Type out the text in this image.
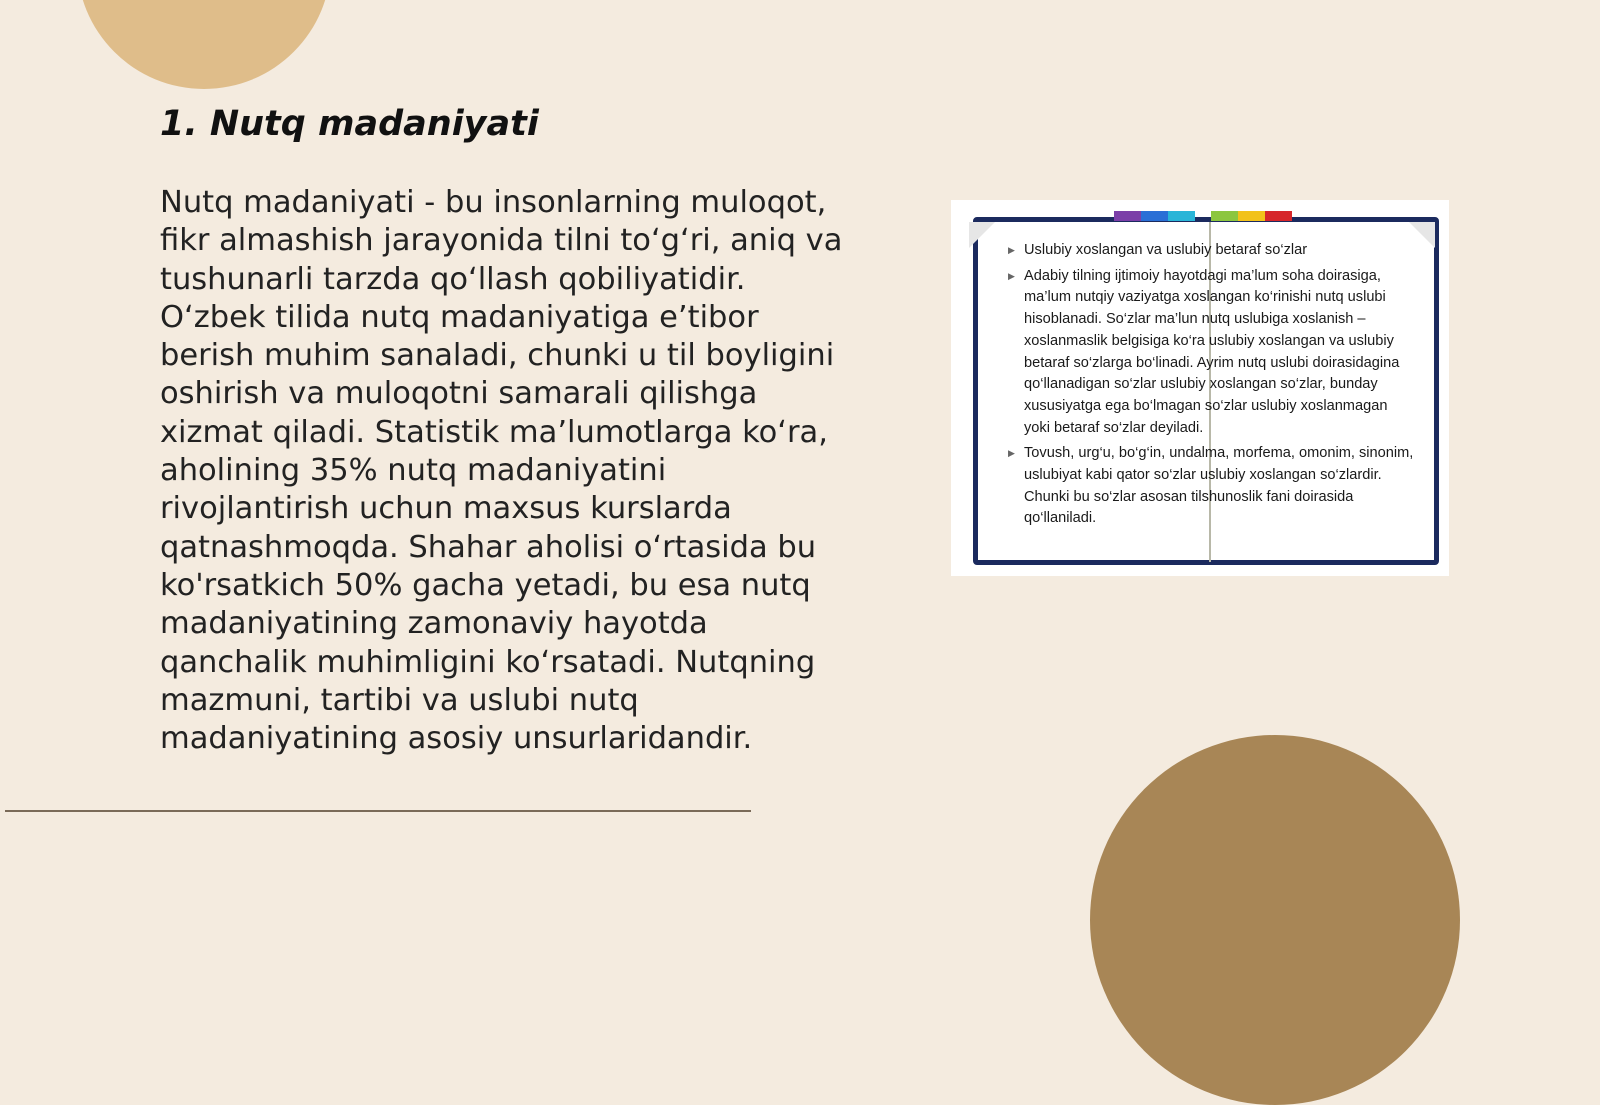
1. Nutq madaniyati

Nutq madaniyati - bu insonlarning muloqot, fikr almashish jarayonida tilni to‘g‘ri, aniq va tushunarli tarzda qo‘llash qobiliyatidir. O‘zbek tilida nutq madaniyatiga e’tibor berish muhim sanaladi, chunki u til boyligini oshirish va muloqotni samarali qilishga xizmat qiladi. Statistik ma’lumotlarga ko‘ra, aholining 35% nutq madaniyatini rivojlantirish uchun maxsus kurslarda qatnashmoqda. Shahar aholisi o‘rtasida bu ko'rsatkich 50% gacha yetadi, bu esa nutq madaniyatining zamonaviy hayotda qanchalik muhimligini ko‘rsatadi. Nutqning mazmuni, tartibi va uslubi nutq madaniyatining asosiy unsurlaridandir.

▶ Uslubiy xoslangan va uslubiy betaraf so‘zlar
▶ Adabiy tilning ijtimoiy hayotdagi ma’lum soha doirasiga, ma’lum nutqiy vaziyatga xoslangan ko‘rinishi nutq uslubi hisoblanadi. So‘zlar ma’lun nutq uslubiga xoslanish – xoslanmaslik belgisiga ko‘ra uslubiy xoslangan va uslubiy betaraf so‘zlarga bo‘linadi. Ayrim nutq uslubi doirasidagina qo‘llanadigan so‘zlar uslubiy xoslangan so‘zlar, bunday xususiyatga ega bo‘lmagan so‘zlar uslubiy xoslanmagan yoki betaraf so‘zlar deyiladi.
▶ Tovush, urg‘u, bo‘g‘in, undalma, morfema, omonim, sinonim, uslubiyat kabi qator so‘zlar uslubiy xoslangan so‘zlardir. Chunki bu so‘zlar asosan tilshunoslik fani doirasida qo‘llaniladi.
